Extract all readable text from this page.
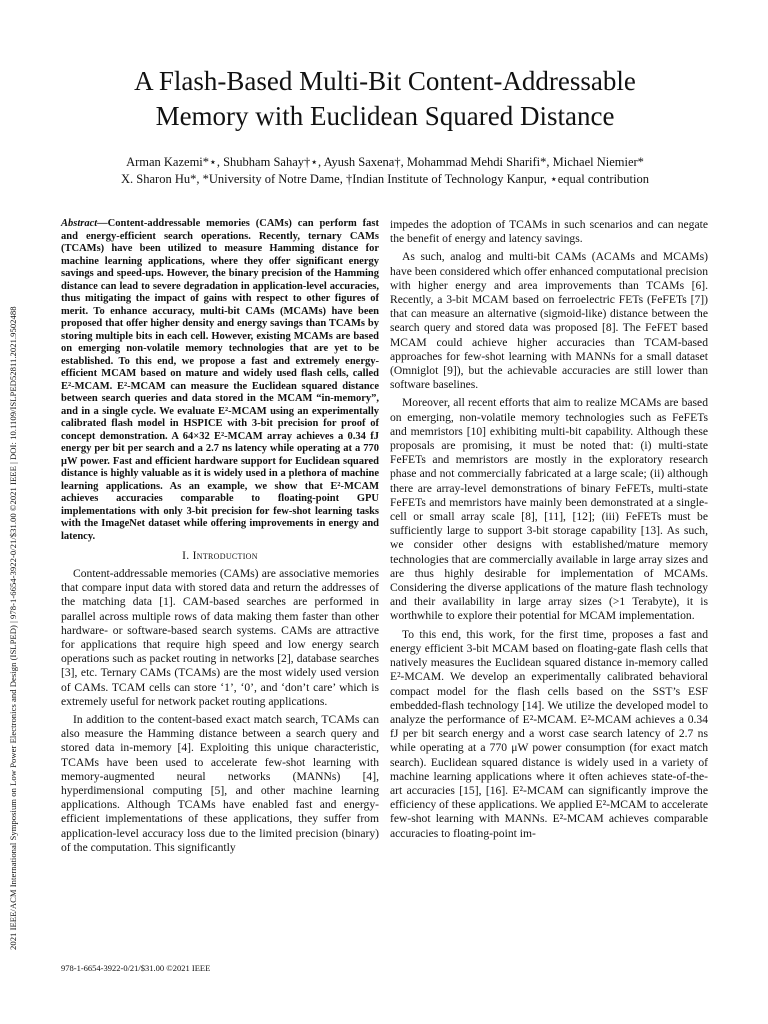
2021 IEEE/ACM International Symposium on Low Power Electronics and Design (ISLPED) | 978-1-6654-3922-0/21/$31.00 ©2021 IEEE | DOI: 10.1109/ISLPED52811.2021.9502488
A Flash-Based Multi-Bit Content-Addressable
Memory with Euclidean Squared Distance
Arman Kazemi*⋆, Shubham Sahay†⋆, Ayush Saxena†, Mohammad Mehdi Sharifi*, Michael Niemier*
X. Sharon Hu*, *University of Notre Dame, †Indian Institute of Technology Kanpur, ⋆equal contribution

Abstract—Content-addressable memories (CAMs) can perform fast and energy-efficient search operations. Recently, ternary CAMs (TCAMs) have been utilized to measure Hamming distance for machine learning applications, where they offer significant energy savings and speed-ups. However, the binary precision of the Hamming distance can lead to severe degradation in application-level accuracies, thus mitigating the impact of gains with respect to other figures of merit. To enhance accuracy, multi-bit CAMs (MCAMs) have been proposed that offer higher density and energy savings than TCAMs by storing multiple bits in each cell. However, existing MCAMs are based on emerging non-volatile memory technologies that are yet to be established. To this end, we propose a fast and extremely energy-efficient MCAM based on mature and widely used flash cells, called E²-MCAM. E²-MCAM can measure the Euclidean squared distance between search queries and data stored in the MCAM “in-memory”, and in a single cycle. We evaluate E²-MCAM using an experimentally calibrated flash model in HSPICE with 3-bit precision for proof of concept demonstration. A 64×32 E²-MCAM array achieves a 0.34 fJ energy per bit per search and a 2.7 ns latency while operating at a 770 μW power. Fast and efficient hardware support for Euclidean squared distance is highly valuable as it is widely used in a plethora of machine learning applications. As an example, we show that E²-MCAM achieves accuracies comparable to floating-point GPU implementations with only 3-bit precision for few-shot learning tasks with the ImageNet dataset while offering improvements in energy and latency.

I. Introduction

Content-addressable memories (CAMs) are associative memories that compare input data with stored data and return the addresses of the matching data [1]. CAM-based searches are performed in parallel across multiple rows of data making them faster than other hardware- or software-based search systems. CAMs are attractive for applications that require high speed and low energy search operations such as packet routing in networks [2], database searches [3], etc. Ternary CAMs (TCAMs) are the most widely used version of CAMs. TCAM cells can store ‘1’, ‘0’, and ‘don’t care’ which is extremely useful for network packet routing applications.

In addition to the content-based exact match search, TCAMs can also measure the Hamming distance between a search query and stored data in-memory [4]. Exploiting this unique characteristic, TCAMs have been used to accelerate few-shot learning with memory-augmented neural networks (MANNs) [4], hyperdimensional computing [5], and other machine learning applications. Although TCAMs have enabled fast and energy-efficient implementations of these applications, they suffer from application-level accuracy loss due to the limited precision (binary) of the computation. This significantly

978-1-6654-3922-0/21/$31.00 ©2021 IEEE

impedes the adoption of TCAMs in such scenarios and can negate the benefit of energy and latency savings.

As such, analog and multi-bit CAMs (ACAMs and MCAMs) have been considered which offer enhanced computational precision with higher energy and area improvements than TCAMs [6]. Recently, a 3-bit MCAM based on ferroelectric FETs (FeFETs [7]) that can measure an alternative (sigmoid-like) distance between the search query and stored data was proposed [8]. The FeFET based MCAM could achieve higher accuracies than TCAM-based approaches for few-shot learning with MANNs for a small dataset (Omniglot [9]), but the achievable accuracies are still lower than software baselines.

Moreover, all recent efforts that aim to realize MCAMs are based on emerging, non-volatile memory technologies such as FeFETs and memristors [10] exhibiting multi-bit capability. Although these proposals are promising, it must be noted that: (i) multi-state FeFETs and memristors are mostly in the exploratory research phase and not commercially fabricated at a large scale; (ii) although there are array-level demonstrations of binary FeFETs, multi-state FeFETs and memristors have mainly been demonstrated at a single-cell or small array scale [8], [11], [12]; (iii) FeFETs must be sufficiently large to support 3-bit storage capability [13]. As such, we consider other designs with established/mature memory technologies that are commercially available in large array sizes and are thus highly desirable for implementation of MCAMs. Considering the diverse applications of the mature flash technology and their availability in large array sizes (>1 Terabyte), it is worthwhile to explore their potential for MCAM implementation.

To this end, this work, for the first time, proposes a fast and energy efficient 3-bit MCAM based on floating-gate flash cells that natively measures the Euclidean squared distance in-memory called E²-MCAM. We develop an experimentally calibrated behavioral compact model for the flash cells based on the SST’s ESF embedded-flash technology [14]. We utilize the developed model to analyze the performance of E²-MCAM. E²-MCAM achieves a 0.34 fJ per bit search energy and a worst case search latency of 2.7 ns while operating at a 770 μW power consumption (for exact match search). Euclidean squared distance is widely used in a variety of machine learning applications where it often achieves state-of-the-art accuracies [15], [16]. E²-MCAM can significantly improve the efficiency of these applications. We applied E²-MCAM to accelerate few-shot learning with MANNs. E²-MCAM achieves comparable accuracies to floating-point im-
